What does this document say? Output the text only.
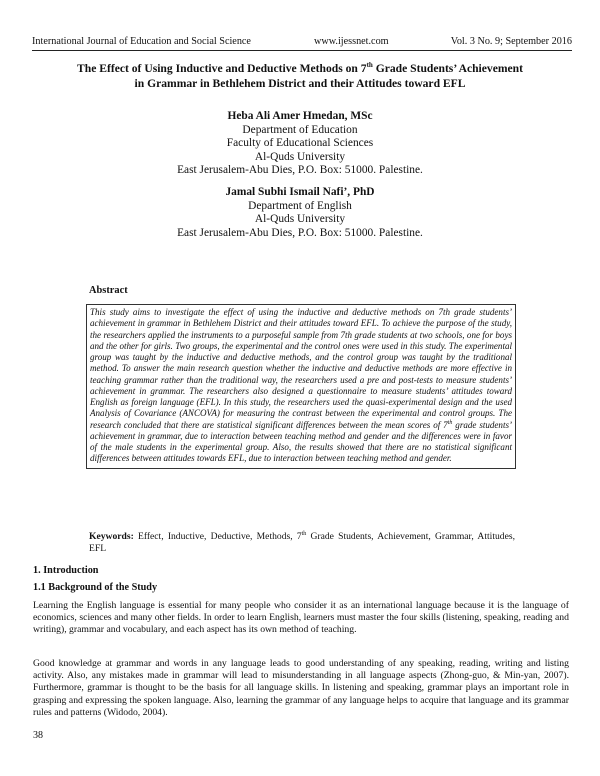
International Journal of Education and Social Science	www.ijessnet.com	Vol. 3 No. 9; September 2016
The Effect of Using Inductive and Deductive Methods on 7th Grade Students’ Achievement
in Grammar in Bethlehem District and their Attitudes toward EFL
Heba Ali Amer Hmedan, MSc
Department of Education
Faculty of Educational Sciences
Al-Quds University
East Jerusalem-Abu Dies, P.O. Box: 51000. Palestine.
Jamal Subhi Ismail Nafi’, PhD
Department of English
Al-Quds University
East Jerusalem-Abu Dies, P.O. Box: 51000. Palestine.
Abstract
This study aims to investigate the effect of using the inductive and deductive methods on 7th grade students’ achievement in grammar in Bethlehem District and their attitudes toward EFL. To achieve the purpose of the study, the researchers applied the instruments to a purposeful sample from 7th grade students at two schools, one for boys and the other for girls. Two groups, the experimental and the control ones were used in this study. The experimental group was taught by the inductive and deductive methods, and the control group was taught by the traditional method. To answer the main research question whether the inductive and deductive methods are more effective in teaching grammar rather than the traditional way, the researchers used a pre and post-tests to measure students’ achievement in grammar. The researchers also designed a questionnaire to measure students’ attitudes toward English as foreign language (EFL). In this study, the researchers used the quasi-experimental design and the used Analysis of Covariance (ANCOVA) for measuring the contrast between the experimental and control groups. The research concluded that there are statistical significant differences between the mean scores of 7th grade students’ achievement in grammar, due to interaction between teaching method and gender and the differences were in favor of the male students in the experimental group. Also, the results showed that there are no statistical significant differences between attitudes towards EFL, due to interaction between teaching method and gender.
Keywords: Effect, Inductive, Deductive, Methods, 7th Grade Students, Achievement, Grammar, Attitudes, EFL
1. Introduction
1.1 Background of the Study
Learning the English language is essential for many people who consider it as an international language because it is the language of economics, sciences and many other fields. In order to learn English, learners must master the four skills (listening, speaking, reading and writing), grammar and vocabulary, and each aspect has its own method of teaching.
Good knowledge at grammar and words in any language leads to good understanding of any speaking, reading, writing and listing activity. Also, any mistakes made in grammar will lead to misunderstanding in all language aspects (Zhong-guo, & Min-yan, 2007). Furthermore, grammar is thought to be the basis for all language skills. In listening and speaking, grammar plays an important role in grasping and expressing the spoken language. Also, learning the grammar of any language helps to acquire that language and its grammar rules and patterns (Widodo, 2004).
38
